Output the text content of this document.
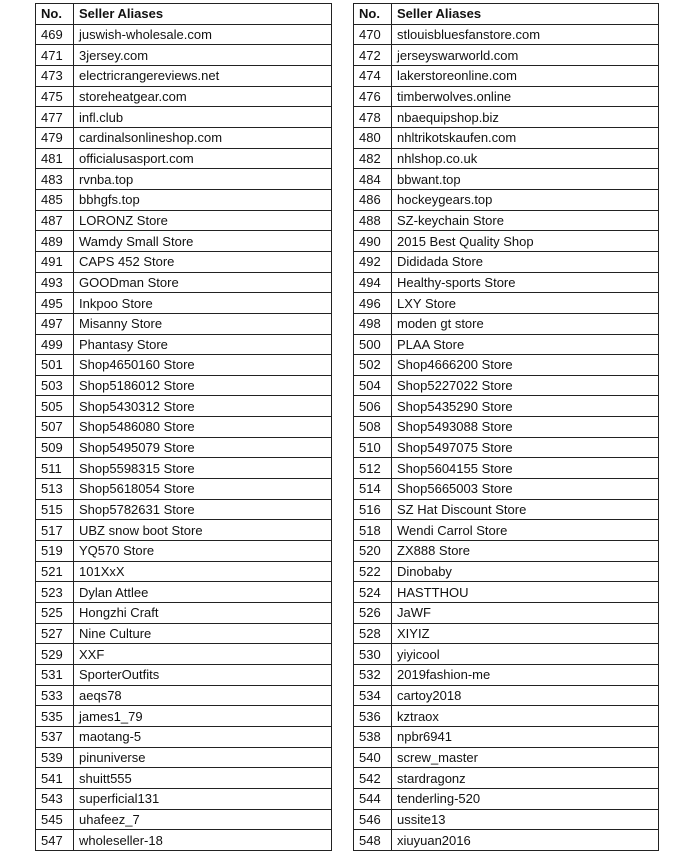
No.	Seller Aliases
469	juswish-wholesale.com
471	3jersey.com
473	electricrangereviews.net
475	storeheatgear.com
477	infl.club
479	cardinalsonlineshop.com
481	officialusasport.com
483	rvnba.top
485	bbhgfs.top
487	LORONZ Store
489	Wamdy Small Store
491	CAPS 452 Store
493	GOODman Store
495	Inkpoo Store
497	Misanny Store
499	Phantasy Store
501	Shop4650160 Store
503	Shop5186012 Store
505	Shop5430312 Store
507	Shop5486080 Store
509	Shop5495079 Store
511	Shop5598315 Store
513	Shop5618054 Store
515	Shop5782631 Store
517	UBZ snow boot Store
519	YQ570 Store
521	101XxX
523	Dylan Attlee
525	Hongzhi Craft
527	Nine Culture
529	XXF
531	SporterOutfits
533	aeqs78
535	james1_79
537	maotang-5
539	pinuniverse
541	shuitt555
543	superficial131
545	uhafeez_7
547	wholeseller-18
No.	Seller Aliases
470	stlouisbluesfanstore.com
472	jerseyswarworld.com
474	lakerstoreonline.com
476	timberwolves.online
478	nbaequipshop.biz
480	nhltrikotskaufen.com
482	nhlshop.co.uk
484	bbwant.top
486	hockeygears.top
488	SZ-keychain Store
490	2015 Best Quality Shop
492	Dididada Store
494	Healthy-sports Store
496	LXY Store
498	moden gt store
500	PLAA Store
502	Shop4666200 Store
504	Shop5227022 Store
506	Shop5435290 Store
508	Shop5493088 Store
510	Shop5497075 Store
512	Shop5604155 Store
514	Shop5665003 Store
516	SZ Hat Discount Store
518	Wendi Carrol Store
520	ZX888 Store
522	Dinobaby
524	HASTTHOU
526	JaWF
528	XIYIZ
530	yiyicool
532	2019fashion-me
534	cartoy2018
536	kztraox
538	npbr6941
540	screw_master
542	stardragonz
544	tenderling-520
546	ussite13
548	xiuyuan2016
